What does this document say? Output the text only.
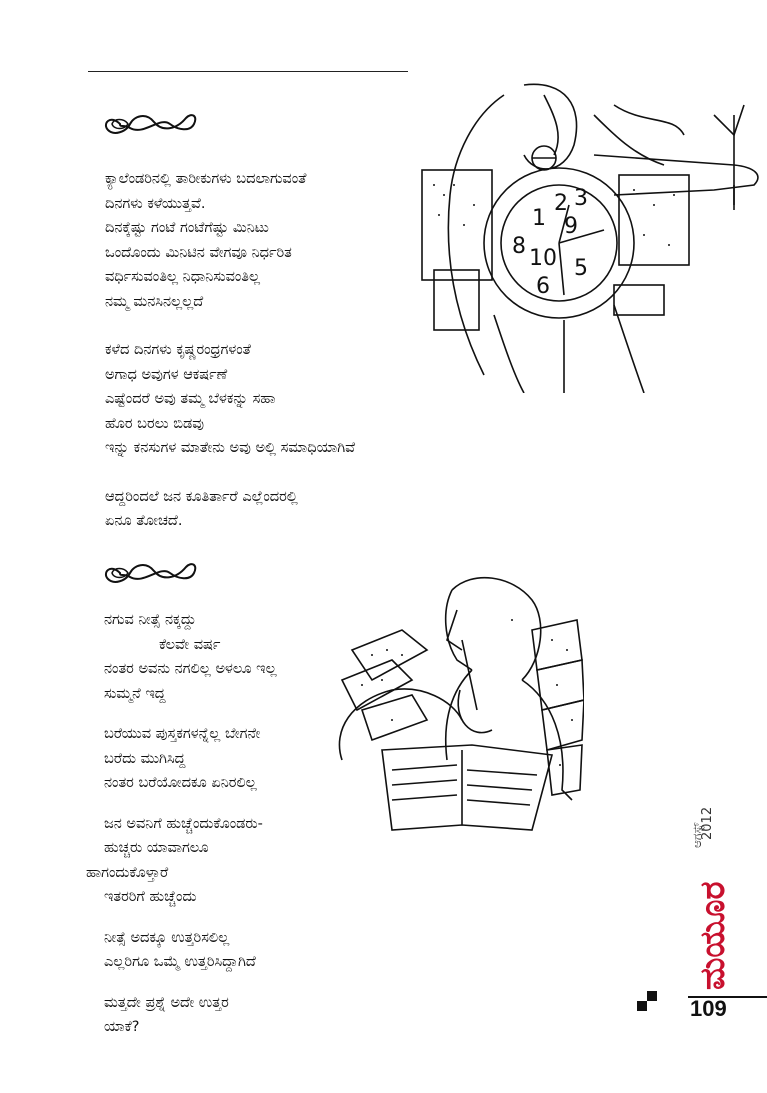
ಕ್ಯಾಲೆಂಡರಿನಲ್ಲಿ ತಾರೀಕುಗಳು ಬದಲಾಗುವಂತೆ
ದಿನಗಳು ಕಳೆಯುತ್ತವೆ.
ದಿನಕ್ಕೆಷ್ಟು ಗಂಟೆ ಗಂಟೆಗೆಷ್ಟು ಮಿನಿಟು
ಒಂದೊಂದು ಮಿನಿಟಿನ ವೇಗವೂ ನಿರ್ಧರಿತ
ವರ್ಧಿಸುವಂತಿಲ್ಲ ನಿಧಾನಿಸುವಂತಿಲ್ಲ
ನಮ್ಮ ಮನಸಿನಲ್ಲಲ್ಲದೆ
ಕಳೆದ ದಿನಗಳು ಕೃಷ್ಣರಂಧ್ರಗಳಂತೆ
ಅಗಾಧ ಅವುಗಳ ಆಕರ್ಷಣೆ
ಎಷ್ಟೆಂದರೆ ಅವು ತಮ್ಮ ಬೆಳಕನ್ನು ಸಹಾ
ಹೊರ ಬರಲು ಬಿಡವು
ಇನ್ನು ಕನಸುಗಳ ಮಾತೇನು ಅವು ಅಲ್ಲಿ ಸಮಾಧಿಯಾಗಿವೆ
ಆದ್ದರಿಂದಲೆ ಜನ ಕೂತಿರ್ತಾರೆ ಎಲ್ಲೆಂದರಲ್ಲಿ
ಏನೂ ತೋಚದೆ.
1
2 3
9
8 10 5
6
ನಗುವ ನೀತ್ಸೆ ನಕ್ಕದ್ದು
ಕೆಲವೇ ವರ್ಷ
ನಂತರ ಅವನು ನಗಲಿಲ್ಲ ಅಳಲೂ ಇಲ್ಲ
ಸುಮ್ಮನೆ ಇದ್ದ
ಬರೆಯುವ ಪುಸ್ತಕಗಳನ್ನೆಲ್ಲ ಬೇಗನೇ
ಬರೆದು ಮುಗಿಸಿದ್ದ
ನಂತರ ಬರೆಯೋದಕೂ ಏನಿರಲಿಲ್ಲ
ಜನ ಅವನಿಗೆ ಹುಚ್ಚೆಂದುಕೊಂಡರು-
ಹುಚ್ಚರು ಯಾವಾಗಲೂ
ಹಾಗಂದುಕೊಳ್ತಾರೆ
ಇತರರಿಗೆ ಹುಚ್ಚೆಂದು
ನೀತ್ಸೆ ಅದಕ್ಕೂ ಉತ್ತರಿಸಲಿಲ್ಲ
ಎಲ್ಲರಿಗೂ ಒಮ್ಮೆ ಉತ್ತರಿಸಿದ್ದಾಗಿದೆ
ಮತ್ತದೇ ಪ್ರಶ್ನೆ ಅದೇ ಉತ್ತರ
ಯಾಕೆ?
2012
ಆಗಸ್ಟ್
ಮಯೂರ
109
